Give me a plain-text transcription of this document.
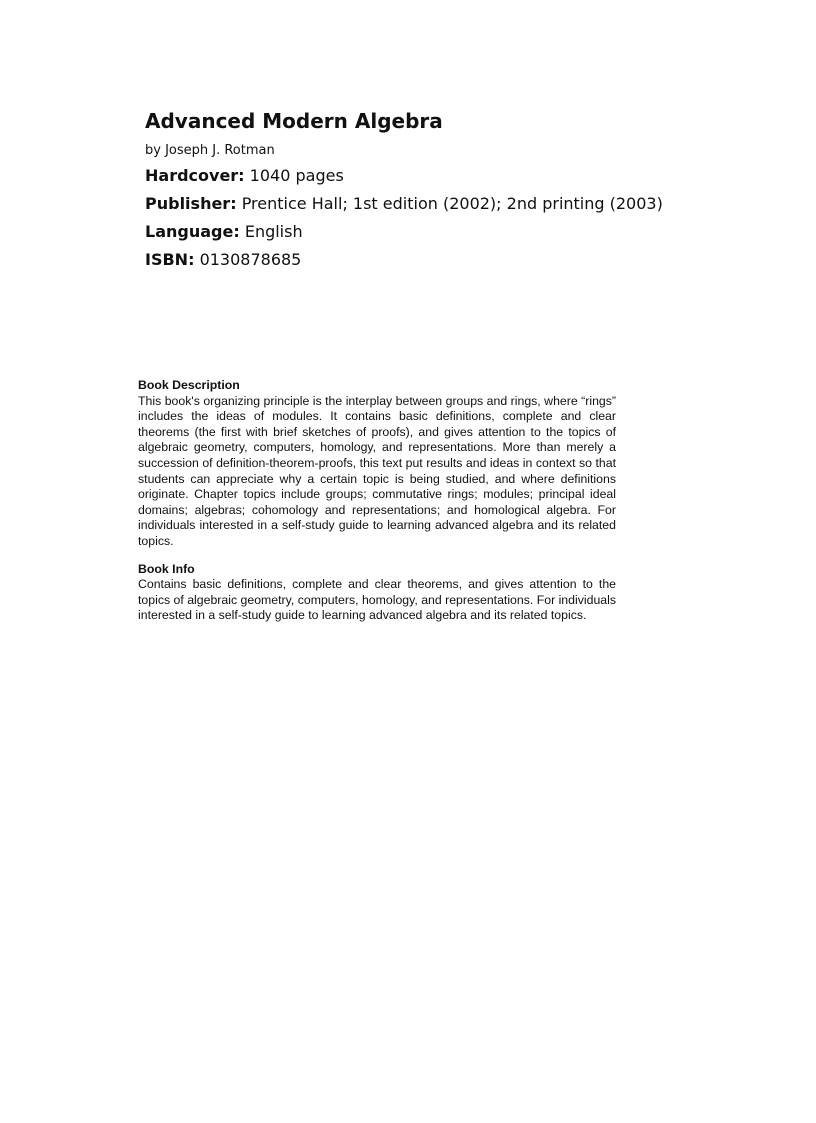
Advanced Modern Algebra
by Joseph J. Rotman
Hardcover: 1040 pages
Publisher: Prentice Hall; 1st edition (2002); 2nd printing (2003)
Language: English
ISBN: 0130878685
Book Description

This book's organizing principle is the interplay between groups and rings, where “rings” includes the ideas of modules. It contains basic definitions, complete and clear theorems (the first with brief sketches of proofs), and gives attention to the topics of algebraic geometry, computers, homology, and representations. More than merely a succession of definition-theorem-proofs, this text put results and ideas in context so that students can appreciate why a certain topic is being studied, and where definitions originate. Chapter topics include groups; commutative rings; modules; principal ideal domains; algebras; cohomology and representations; and homological algebra. For individuals interested in a self-study guide to learning advanced algebra and its related topics.

Book Info

Contains basic definitions, complete and clear theorems, and gives attention to the topics of algebraic geometry, computers, homology, and representations. For individuals interested in a self-study guide to learning advanced algebra and its related topics.
